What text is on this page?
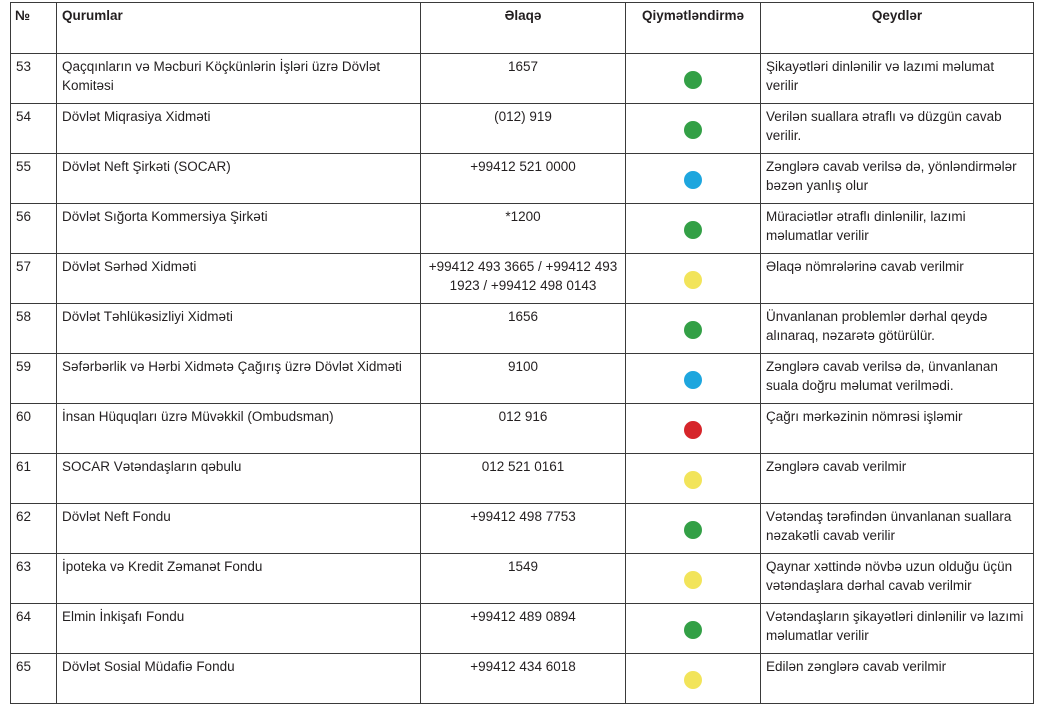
№	Qurumlar	Əlaqə	Qiymətləndirmə	Qeydlər
53	Qaçqınların və Məcburi Köçkünlərin İşləri üzrə Dövlət Komitəsi	1657		Şikayətləri dinlənilir və lazımi məlumat verilir
54	Dövlət Miqrasiya Xidməti	(012) 919		Verilən suallara ətraflı və düzgün cavab verilir.
55	Dövlət Neft Şirkəti (SOCAR)	+99412 521 0000		Zənglərə cavab verilsə də, yönləndirmələr bəzən yanlış olur
56	Dövlət Sığorta Kommersiya Şirkəti	*1200		Müraciətlər ətraflı dinlənilir, lazımi məlumatlar verilir
57	Dövlət Sərhəd Xidməti	+99412 493 3665 / +99412 493 1923 / +99412 498 0143		Əlaqə nömrələrinə cavab verilmir
58	Dövlət Təhlükəsizliyi Xidməti	1656		Ünvanlanan problemlər dərhal qeydə alınaraq, nəzarətə götürülür.
59	Səfərbərlik və Hərbi Xidmətə Çağırış üzrə Dövlət Xidməti	9100		Zənglərə cavab verilsə də, ünvanlanan suala doğru məlumat verilmədi.
60	İnsan Hüquqları üzrə Müvəkkil (Ombudsman)	012 916		Çağrı mərkəzinin nömrəsi işləmir
61	SOCAR Vətəndaşların qəbulu	012 521 0161		Zənglərə cavab verilmir
62	Dövlət Neft Fondu	+99412 498 7753		Vətəndaş tərəfindən ünvanlanan suallara nəzakətli cavab verilir
63	İpoteka və Kredit Zəmanət Fondu	1549		Qaynar xəttində növbə uzun olduğu üçün vətəndaşlara dərhal cavab verilmir
64	Elmin İnkişafı Fondu	+99412 489 0894		Vətəndaşların şikayətləri dinlənilir və lazımi məlumatlar verilir
65	Dövlət Sosial Müdafiə Fondu	+99412 434 6018		Edilən zənglərə cavab verilmir
